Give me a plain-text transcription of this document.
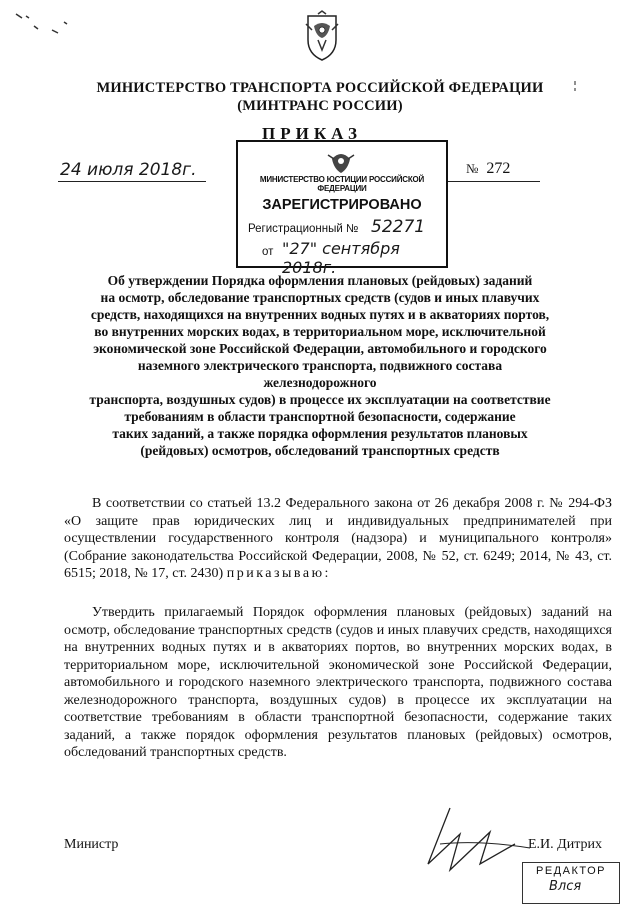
МИНИСТЕРСТВО ТРАНСПОРТА РОССИЙСКОЙ ФЕДЕРАЦИИ
(МИНТРАНС РОССИИ)
ПРИКАЗ
24 июля 2018г.	№ 272
МИНИСТЕРСТВО ЮСТИЦИИ РОССИЙСКОЙ ФЕДЕРАЦИИ
ЗАРЕГИСТРИРОВАНО
Регистрационный № 52271
от "27" сентября 2018г.
Об утверждении Порядка оформления плановых (рейдовых) заданий
на осмотр, обследование транспортных средств (судов и иных плавучих
средств, находящихся на внутренних водных путях и в акваториях портов,
во внутренних морских водах, в территориальном море, исключительной
экономической зоне Российской Федерации, автомобильного и городского
наземного электрического транспорта, подвижного состава железнодорожного
транспорта, воздушных судов) в процессе их эксплуатации на соответствие
требованиям в области транспортной безопасности, содержание
таких заданий, а также порядка оформления результатов плановых
(рейдовых) осмотров, обследований транспортных средств

В соответствии со статьей 13.2 Федерального закона от 26 декабря 2008 г. № 294-ФЗ «О защите прав юридических лиц и индивидуальных предпринимателей при осуществлении государственного контроля (надзора) и муниципального контроля» (Собрание законодательства Российской Федерации, 2008, № 52, ст. 6249; 2014, № 43, ст. 6515; 2018, № 17, ст. 2430) приказываю:

Утвердить прилагаемый Порядок оформления плановых (рейдовых) заданий на осмотр, обследование транспортных средств (судов и иных плавучих средств, находящихся на внутренних водных путях и в акваториях портов, во внутренних морских водах, в территориальном море, исключительной экономической зоне Российской Федерации, автомобильного и городского наземного электрического транспорта, подвижного состава железнодорожного транспорта, воздушных судов) в процессе их эксплуатации на соответствие требованиям в области транспортной безопасности, содержание таких заданий, а также порядок оформления результатов плановых (рейдовых) осмотров, обследований транспортных средств.

Министр	Е.И. Дитрих
РЕДАКТОР
Влся
